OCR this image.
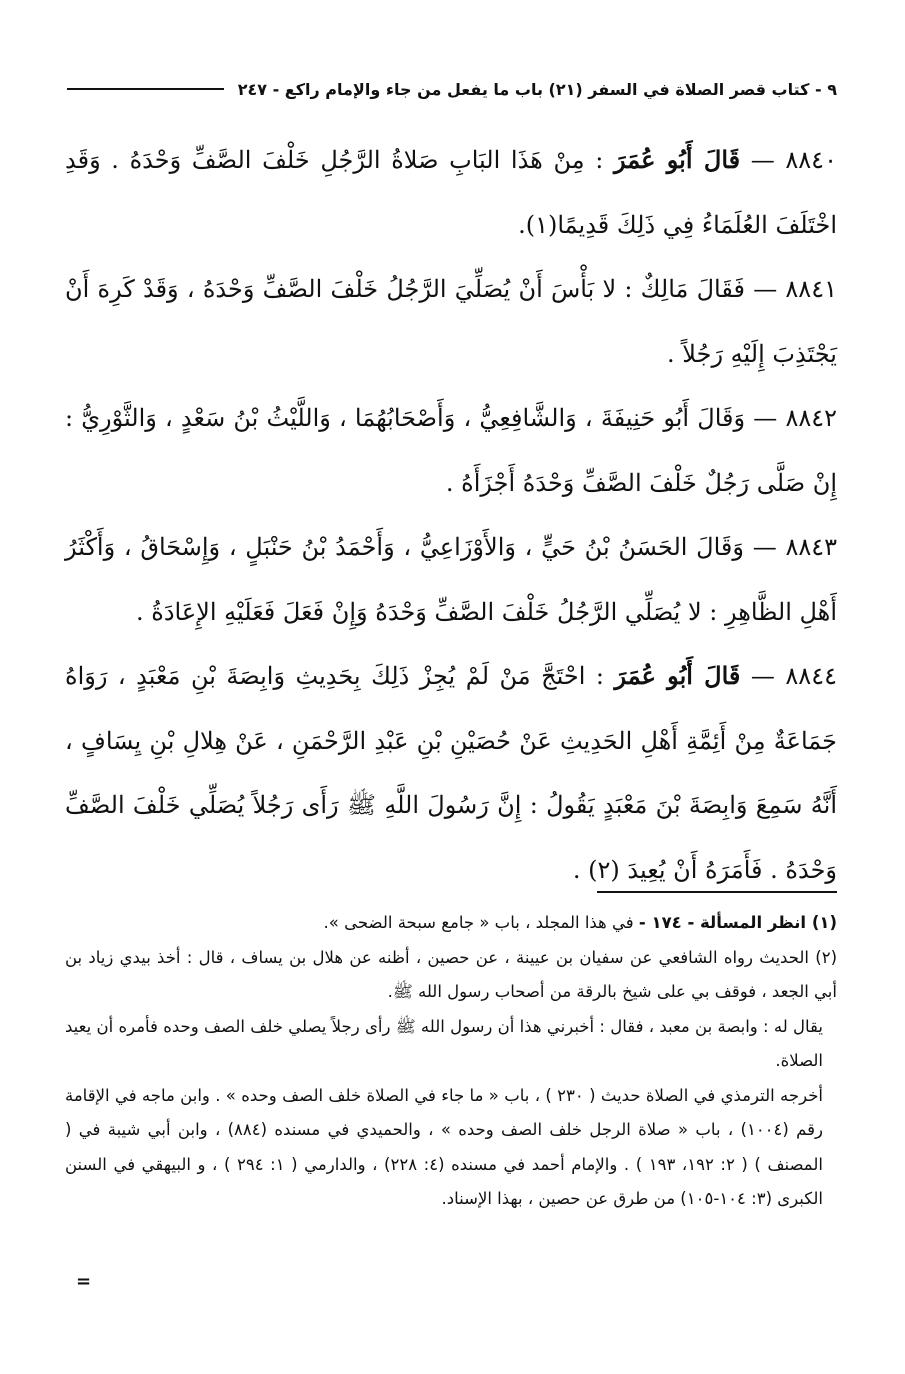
٩ - كتاب قصر الصلاة في السفر (٢١) باب ما يفعل من جاء والإمام راكع - ٢٤٧

٨٨٤٠ — قَالَ أَبُو عُمَرَ : مِنْ هَذَا البَابِ صَلاةُ الرَّجُلِ خَلْفَ الصَّفِّ وَحْدَهُ . وَقَدِ اخْتَلَفَ العُلَمَاءُ فِي ذَلِكَ قَدِيمًا(١).

٨٨٤١ — فَقَالَ مَالِكٌ : لا بَأْسَ أَنْ يُصَلِّيَ الرَّجُلُ خَلْفَ الصَّفِّ وَحْدَهُ ، وَقَدْ كَرِهَ أَنْ يَجْتَذِبَ إِلَيْهِ رَجُلاً .

٨٨٤٢ — وَقَالَ أَبُو حَنِيفَةَ ، وَالشَّافِعِيُّ ، وَأَصْحَابُهُمَا ، وَاللَّيْثُ بْنُ سَعْدٍ ، وَالثَّوْرِيُّ : إِنْ صَلَّى رَجُلٌ خَلْفَ الصَّفِّ وَحْدَهُ أَجْزَأَهُ .

٨٨٤٣ — وَقَالَ الحَسَنُ بْنُ حَيٍّ ، وَالأَوْزَاعِيُّ ، وَأَحْمَدُ بْنُ حَنْبَلٍ ، وَإِسْحَاقُ ، وَأَكْثَرُ أَهْلِ الظَّاهِرِ : لا يُصَلِّي الرَّجُلُ خَلْفَ الصَّفِّ وَحْدَهُ وَإِنْ فَعَلَ فَعَلَيْهِ الإِعَادَةُ .

٨٨٤٤ — قَالَ أَبُو عُمَرَ : احْتَجَّ مَنْ لَمْ يُجِزْ ذَلِكَ بِحَدِيثِ وَابِصَةَ بْنِ مَعْبَدٍ ، رَوَاهُ جَمَاعَةٌ مِنْ أَئِمَّةِ أَهْلِ الحَدِيثِ عَنْ حُصَيْنِ بْنِ عَبْدِ الرَّحْمَنِ ، عَنْ هِلالِ بْنِ يِسَافٍ ، أَنَّهُ سَمِعَ وَابِصَةَ بْنَ مَعْبَدٍ يَقُولُ : إِنَّ رَسُولَ اللَّهِ ﷺ رَأَى رَجُلاً يُصَلِّي خَلْفَ الصَّفِّ وَحْدَهُ . فَأَمَرَهُ أَنْ يُعِيدَ (٢) .

(١) انظر المسألة - ١٧٤ - في هذا المجلد ، باب « جامع سبحة الضحى ».

(٢) الحديث رواه الشافعي عن سفيان بن عيينة ، عن حصين ، أظنه عن هلال بن يساف ، قال : أخذ بيدي زياد بن أبي الجعد ، فوقف بي على شيخ بالرقة من أصحاب رسول الله ﷺ.

يقال له : وابصة بن معبد ، فقال : أخبرني هذا أن رسول الله ﷺ رأى رجلاً يصلي خلف الصف وحده فأمره أن يعيد الصلاة.

أخرجه الترمذي في الصلاة حديث ( ٢٣٠ ) ، باب « ما جاء في الصلاة خلف الصف وحده » . وابن ماجه في الإقامة رقم (١٠٠٤) ، باب « صلاة الرجل خلف الصف وحده » ، والحميدي في مسنده (٨٨٤) ، وابن أبي شيبة في ( المصنف ) ( ٢: ١٩٢، ١٩٣ ) . والإمام أحمد في مسنده (٤: ٢٢٨) ، والدارمي ( ١: ٢٩٤ ) ، و البيهقي في السنن الكبرى (٣: ١٠٤-١٠٥) من طرق عن حصين ، بهذا الإسناد.

=
